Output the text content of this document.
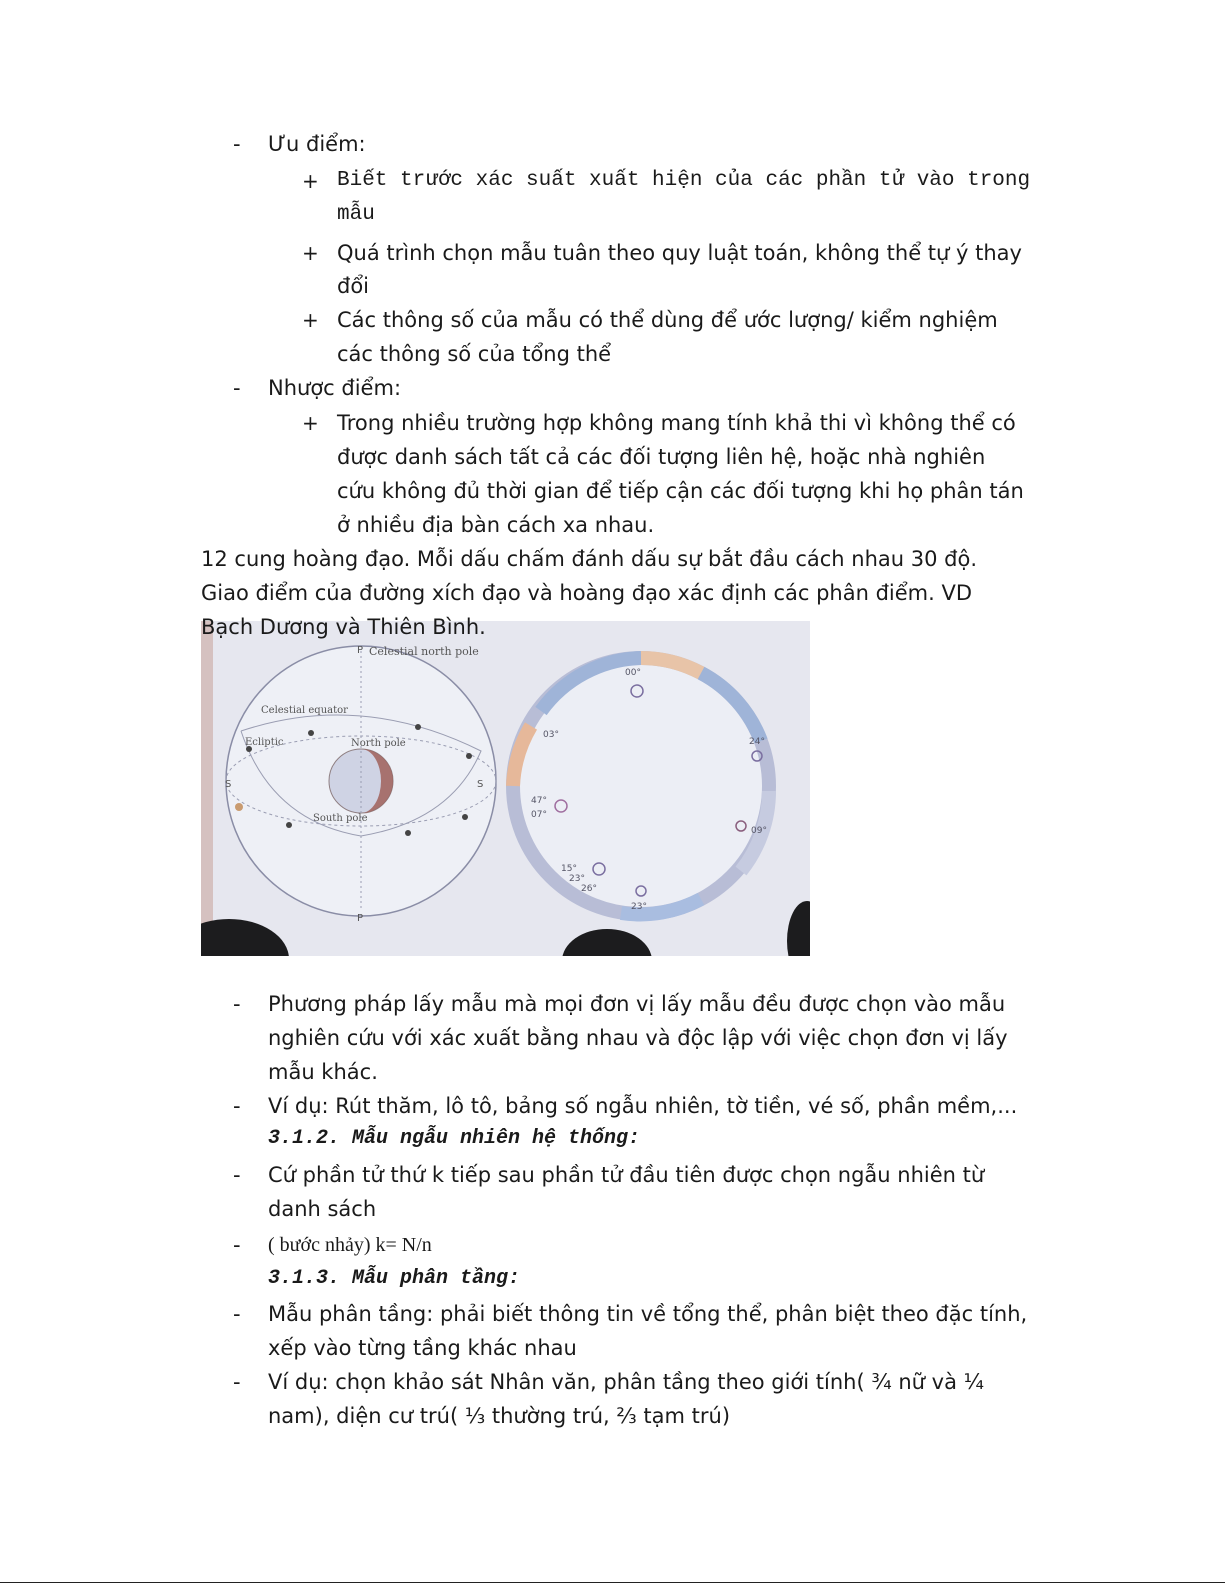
- Ưu điểm:
+ Biết trước xác suất xuất hiện của các phần tử vào trong
mẫu
+ Quá trình chọn mẫu tuân theo quy luật toán, không thể tự ý thay
đổi
+ Các thông số của mẫu có thể dùng để ước lượng/ kiểm nghiệm
các thông số của tổng thể
- Nhược điểm:
+ Trong nhiều trường hợp không mang tính khả thi vì không thể có
được danh sách tất cả các đối tượng liên hệ, hoặc nhà nghiên
cứu không đủ thời gian để tiếp cận các đối tượng khi họ phân tán
ở nhiều địa bàn cách xa nhau.
12 cung hoàng đạo. Mỗi dấu chấm đánh dấu sự bắt đầu cách nhau 30 độ.
Giao điểm của đường xích đạo và hoàng đạo xác định các phân điểm. VD
Celestial north pole
Celestial equator
Ecliptic	North pole
South pole
P
P
S	S
00°
03°
24°
47°
07°
09°
15°
23°
26°
23°
Bạch Dương và Thiên Bình.
- Phương pháp lấy mẫu mà mọi đơn vị lấy mẫu đều được chọn vào mẫu
nghiên cứu với xác xuất bằng nhau và độc lập với việc chọn đơn vị lấy
mẫu khác.
- Ví dụ: Rút thăm, lô tô, bảng số ngẫu nhiên, tờ tiền, vé số, phần mềm,...
3.1.2. Mẫu ngẫu nhiên hệ thống:
- Cứ phần tử thứ k tiếp sau phần tử đầu tiên được chọn ngẫu nhiên từ
danh sách
- ( bước nhảy) k= N/n
3.1.3. Mẫu phân tầng:
- Mẫu phân tầng: phải biết thông tin về tổng thể, phân biệt theo đặc tính,
xếp vào từng tầng khác nhau
- Ví dụ: chọn khảo sát Nhân văn, phân tầng theo giới tính( ¾ nữ và ¼
nam), diện cư trú( ⅓ thường trú, ⅔ tạm trú)
